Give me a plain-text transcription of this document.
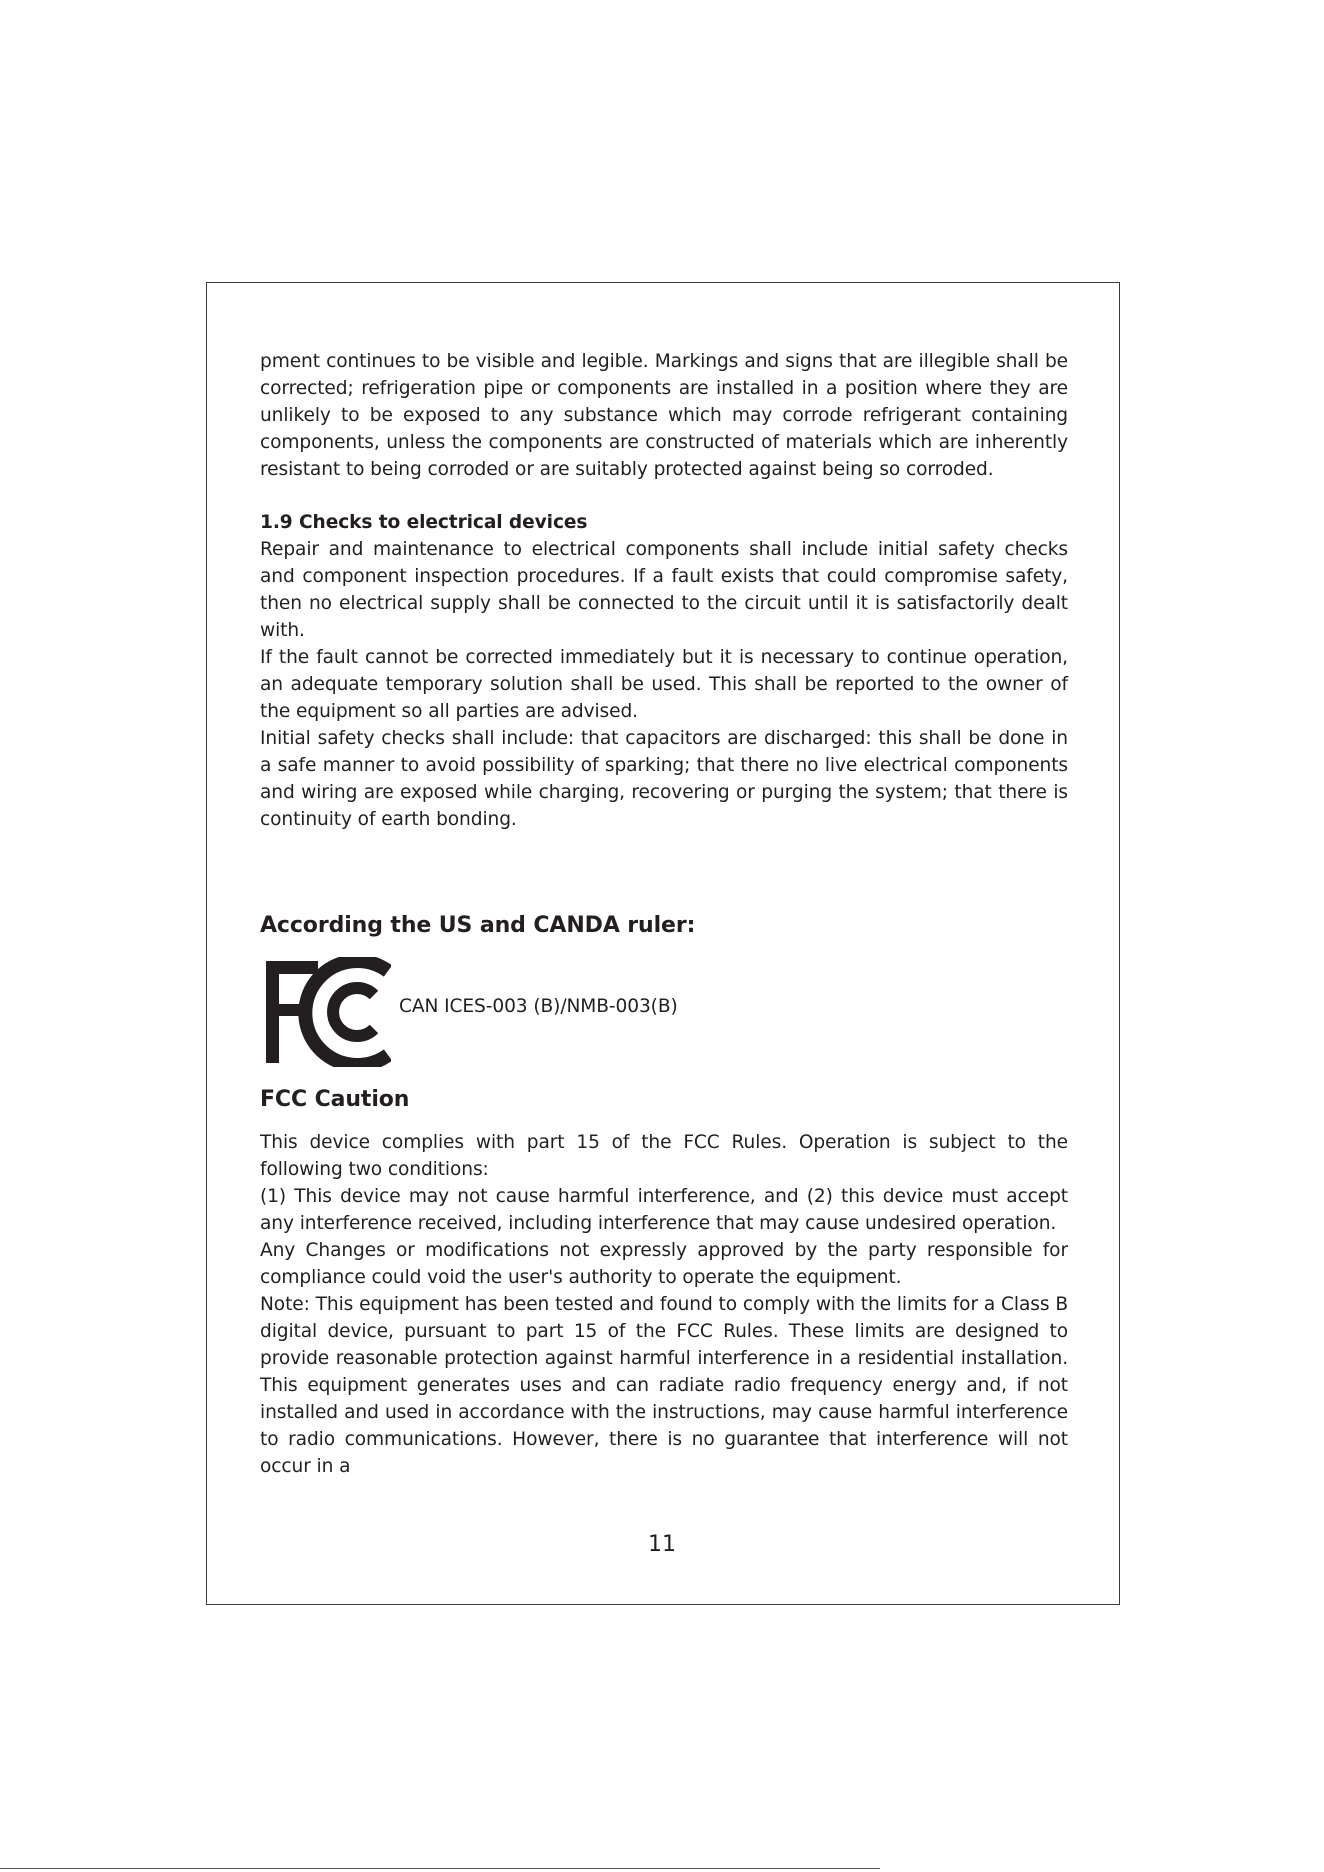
pment continues to be visible and legible. Markings and signs that are illegible shall be corrected; refrigeration pipe or components are installed in a position where they are unlikely to be exposed to any substance which may corrode refrigerant containing components, unless the components are constructed of materials which are inherently resistant to being corroded or are suitably protected against being so corroded.

1.9 Checks to electrical devices

Repair and maintenance to electrical components shall include initial safety checks and component inspection procedures. If a fault exists that could compromise safety, then no electrical supply shall be connected to the circuit until it is satisfactorily dealt with.

If the fault cannot be corrected immediately but it is necessary to continue operation, an adequate temporary solution shall be used. This shall be reported to the owner of the equipment so all parties are advised.

Initial safety checks shall include: that capacitors are discharged: this shall be done in a safe manner to avoid possibility of sparking; that there no live electrical components and wiring are exposed while charging, recovering or purging the system; that there is continuity of earth bonding.

According the US and CANDA ruler:
CAN ICES-003 (B)/NMB-003(B)
FCC Caution

This device complies with part 15 of the FCC Rules. Operation is subject to the following two conditions:

(1) This device may not cause harmful interference, and (2) this device must accept any interference received, including interference that may cause undesired operation.

Any Changes or modifications not expressly approved by the party responsible for compliance could void the user's authority to operate the equipment.

Note: This equipment has been tested and found to comply with the limits for a Class B digital device, pursuant to part 15 of the FCC Rules. These limits are designed to provide reasonable protection against harmful interference in a residential installation. This equipment generates uses and can radiate radio frequency energy and, if not installed and used in accordance with the instructions, may cause harmful interference to radio communications. However, there is no guarantee that interference will not occur in a

11
